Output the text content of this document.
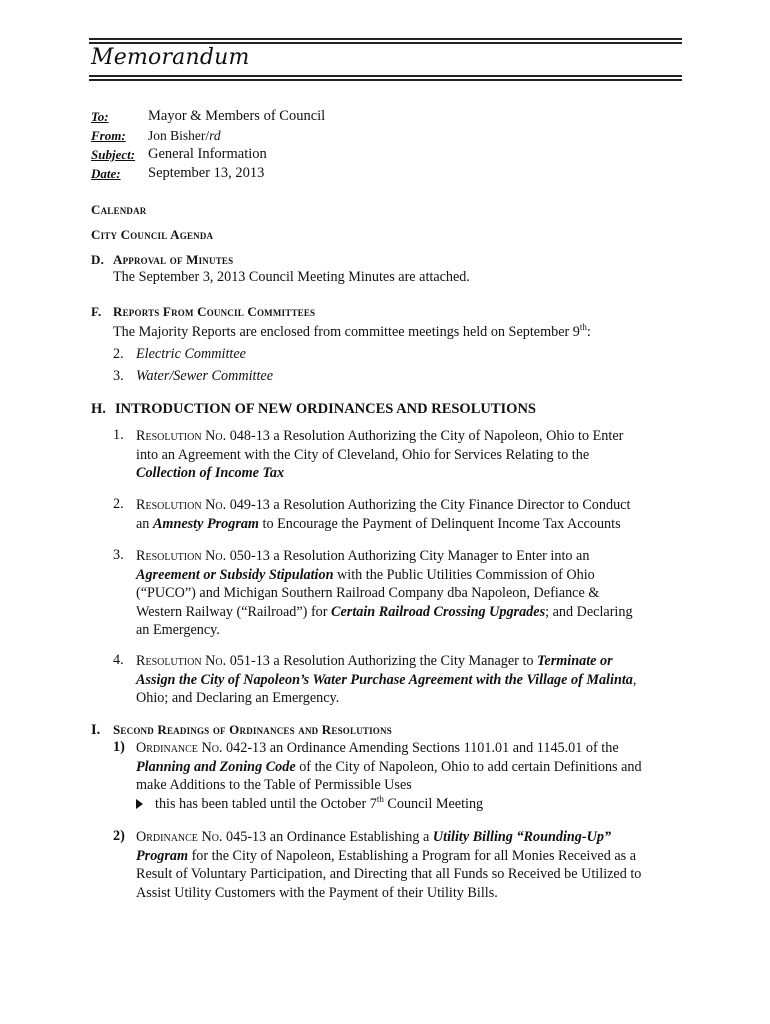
Memorandum
To:	Mayor & Members of Council
From:	Jon Bisher/rd
Subject: General Information
Date:	September 13, 2013
Calendar
City Council Agenda
D. Approval of Minutes
The September 3, 2013 Council Meeting Minutes are attached.
F. Reports From Council Committees
The Majority Reports are enclosed from committee meetings held on September 9th:
2. Electric Committee
3. Water/Sewer Committee
H. INTRODUCTION OF NEW ORDINANCES AND RESOLUTIONS
1. Resolution No. 048-13 a Resolution Authorizing the City of Napoleon, Ohio to Enter
into an Agreement with the City of Cleveland, Ohio for Services Relating to the
Collection of Income Tax
2. Resolution No. 049-13 a Resolution Authorizing the City Finance Director to Conduct
an Amnesty Program to Encourage the Payment of Delinquent Income Tax Accounts
3. Resolution No. 050-13 a Resolution Authorizing City Manager to Enter into an
Agreement or Subsidy Stipulation with the Public Utilities Commission of Ohio
(“PUCO”) and Michigan Southern Railroad Company dba Napoleon, Defiance &
Western Railway (“Railroad”) for Certain Railroad Crossing Upgrades; and Declaring
an Emergency.
4. Resolution No. 051-13 a Resolution Authorizing the City Manager to Terminate or
Assign the City of Napoleon’s Water Purchase Agreement with the Village of Malinta,
Ohio; and Declaring an Emergency.
I. Second Readings of Ordinances and Resolutions
1) Ordinance No. 042-13 an Ordinance Amending Sections 1101.01 and 1145.01 of the
Planning and Zoning Code of the City of Napoleon, Ohio to add certain Definitions and
make Additions to the Table of Permissible Uses
this has been tabled until the October 7th Council Meeting
2) Ordinance No. 045-13 an Ordinance Establishing a Utility Billing “Rounding-Up”
Program for the City of Napoleon, Establishing a Program for all Monies Received as a
Result of Voluntary Participation, and Directing that all Funds so Received be Utilized to
Assist Utility Customers with the Payment of their Utility Bills.
